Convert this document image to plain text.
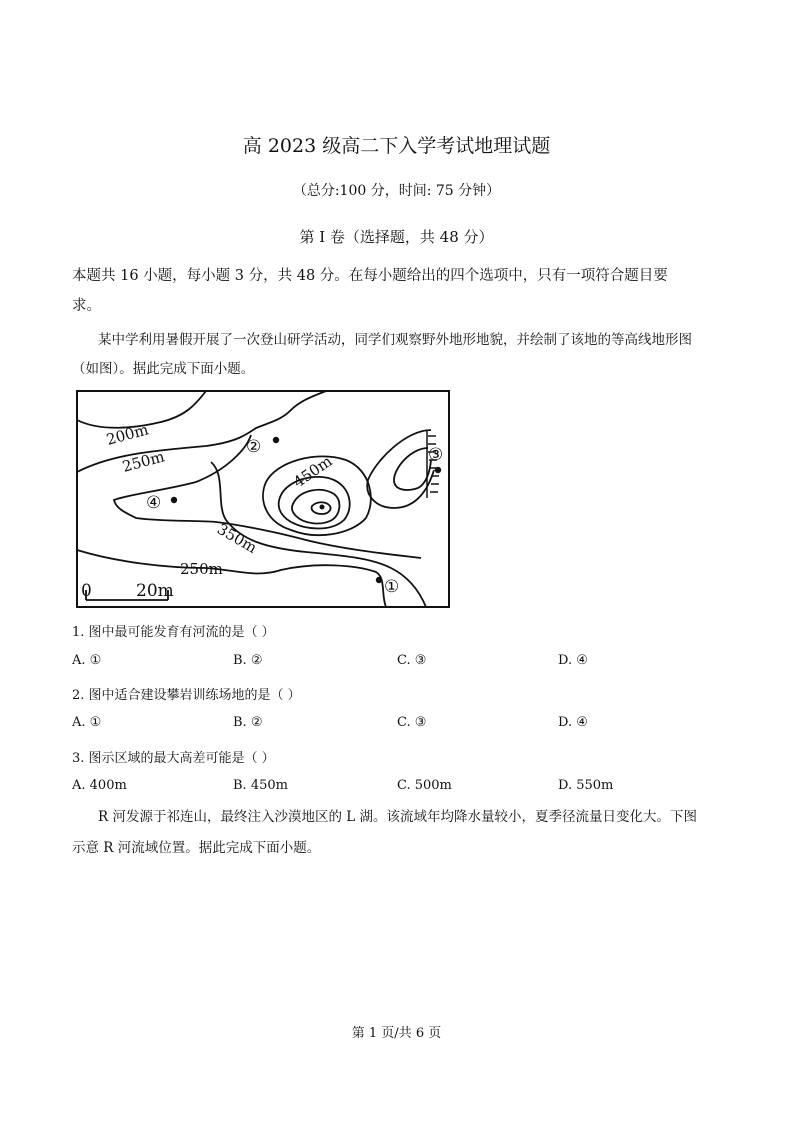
高 2023 级高二下入学考试地理试题
（总分:100 分，时间: 75 分钟）
第 I 卷（选择题，共 48 分）
本题共 16 小题，每小题 3 分，共 48 分。在每小题给出的四个选项中，只有一项符合题目要
求。
某中学利用暑假开展了一次登山研学活动，同学们观察野外地形地貌，并绘制了该地的等高线地形图
（如图）。据此完成下面小题。
200m
250m	450m
350m
250m
②	③
④
①
0	20m
1. 图中最可能发育有河流的是（ ）
A. ①	B. ②	C. ③	D. ④
2. 图中适合建设攀岩训练场地的是（ ）
A. ①	B. ②	C. ③	D. ④
3. 图示区域的最大高差可能是（ ）
A. 400m	B. 450m	C. 500m	D. 550m
R 河发源于祁连山，最终注入沙漠地区的 L 湖。该流域年均降水量较小，夏季径流量日变化大。下图
示意 R 河流域位置。据此完成下面小题。
第 1 页/共 6 页
